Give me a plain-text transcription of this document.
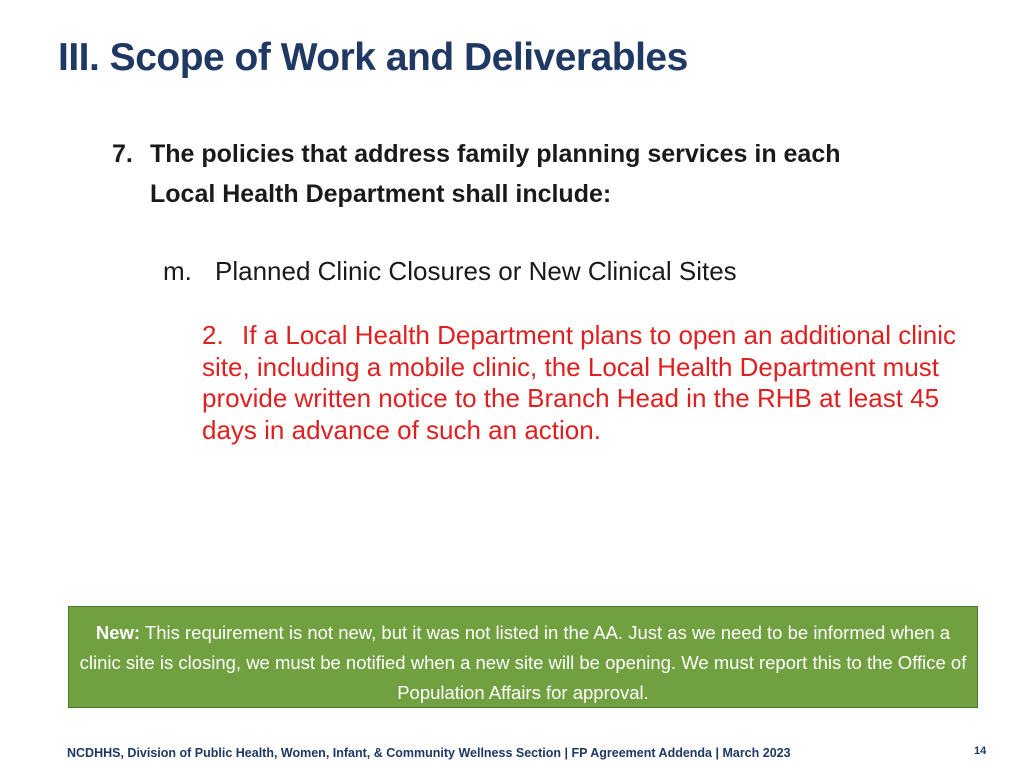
III. Scope of Work and Deliverables
7. The policies that address family planning services in each Local Health Department shall include:
m. Planned Clinic Closures or New Clinical Sites
2. If a Local Health Department plans to open an additional clinic site, including a mobile clinic, the Local Health Department must provide written notice to the Branch Head in the RHB at least 45 days in advance of such an action.
New: This requirement is not new, but it was not listed in the AA. Just as we need to be informed when a clinic site is closing, we must be notified when a new site will be opening. We must report this to the Office of Population Affairs for approval.
NCDHHS, Division of Public Health, Women, Infant, & Community Wellness Section | FP Agreement Addenda | March 2023	14
